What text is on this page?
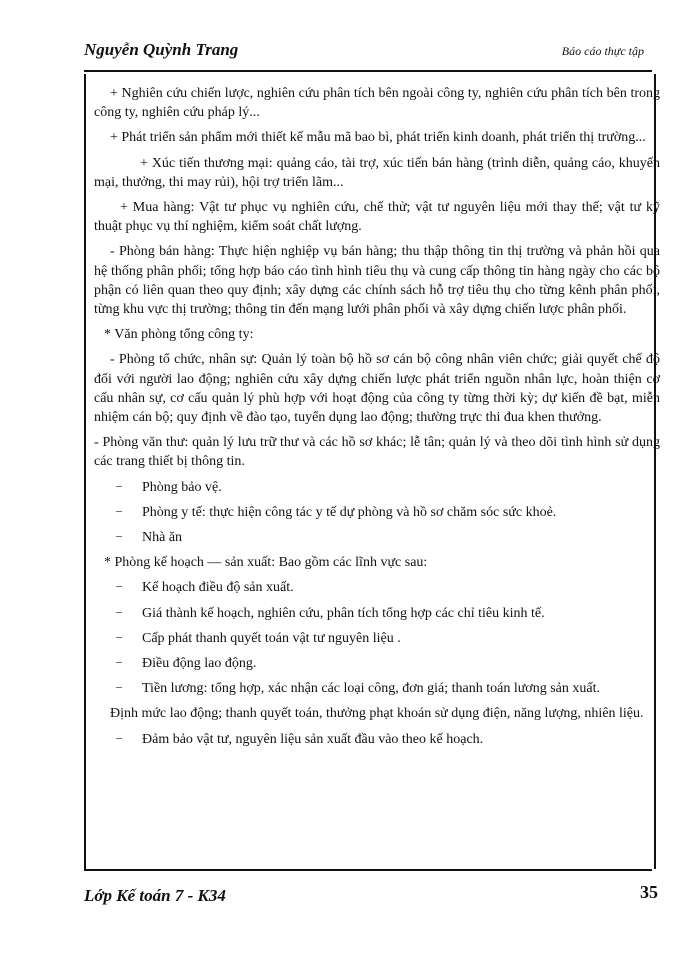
Nguyễn Quỳnh Trang	Báo cáo thực tập

+ Nghiên cứu chiến lược, nghiên cứu phân tích bên ngoài công ty, nghiên cứu phân tích bên trong công ty, nghiên cứu pháp lý...

+ Phát triển sản phẩm mới thiết kế mẫu mã bao bì, phát triển kinh doanh, phát triển thị trường...

+ Xúc tiến thương mại: quảng cáo, tài trợ, xúc tiến bán hàng (trình diễn, quảng cáo, khuyến mại, thưởng, thi may rủi), hội trợ triển lãm...

+ Mua hàng: Vật tư phục vụ nghiên cứu, chế thử; vật tư nguyên liệu mới thay thế; vật tư kỹ thuật phục vụ thí nghiệm, kiểm soát chất lượng.

- Phòng bán hàng: Thực hiện nghiệp vụ bán hàng; thu thập thông tin thị trường và phản hồi qua hệ thống phân phối; tổng hợp báo cáo tình hình tiêu thụ và cung cấp thông tin hàng ngày cho các bộ phận có liên quan theo quy định; xây dựng các chính sách hỗ trợ tiêu thụ cho từng kênh phân phối, từng khu vực thị trường; thông tin đến mạng lưới phân phối và xây dựng chiến lược phân phối.

* Văn phòng tổng công ty:

- Phòng tổ chức, nhân sự: Quản lý toàn bộ hồ sơ cán bộ công nhân viên chức; giải quyết chế độ đối với người lao động; nghiên cứu xây dựng chiến lược phát triển nguồn nhân lực, hoàn thiện cơ cấu nhân sự, cơ cấu quản lý phù hợp với hoạt động của công ty từng thời kỳ; dự kiến đề bạt, miễn nhiệm cán bộ; quy định về đào tạo, tuyển dụng lao động; thường trực thi đua khen thưởng.

- Phòng văn thư: quản lý lưu trữ thư và các hồ sơ khác; lễ tân; quản lý và theo dõi tình hình sử dụng các trang thiết bị thông tin.

–	Phòng bảo vệ.

–	Phòng y tế: thực hiện công tác y tế dự phòng và hồ sơ chăm sóc sức khoẻ.

–	Nhà ăn

* Phòng kế hoạch — sản xuất: Bao gồm các lĩnh vực sau:

–	Kế hoạch điều độ sản xuất.

–	Giá thành kế hoạch, nghiên cứu, phân tích tổng hợp các chỉ tiêu kinh tế.

–	Cấp phát thanh quyết toán vật tư nguyên liệu .

–	Điều động lao động.

–	Tiền lương: tổng hợp, xác nhận các loại công, đơn giá; thanh toán lương sản xuất.

Định mức lao động; thanh quyết toán, thưởng phạt khoán sử dụng điện, năng lượng, nhiên liệu.

–	Đảm bảo vật tư, nguyên liệu sản xuất đầu vào theo kế hoạch.

Lớp Kế toán 7 - K34	35
